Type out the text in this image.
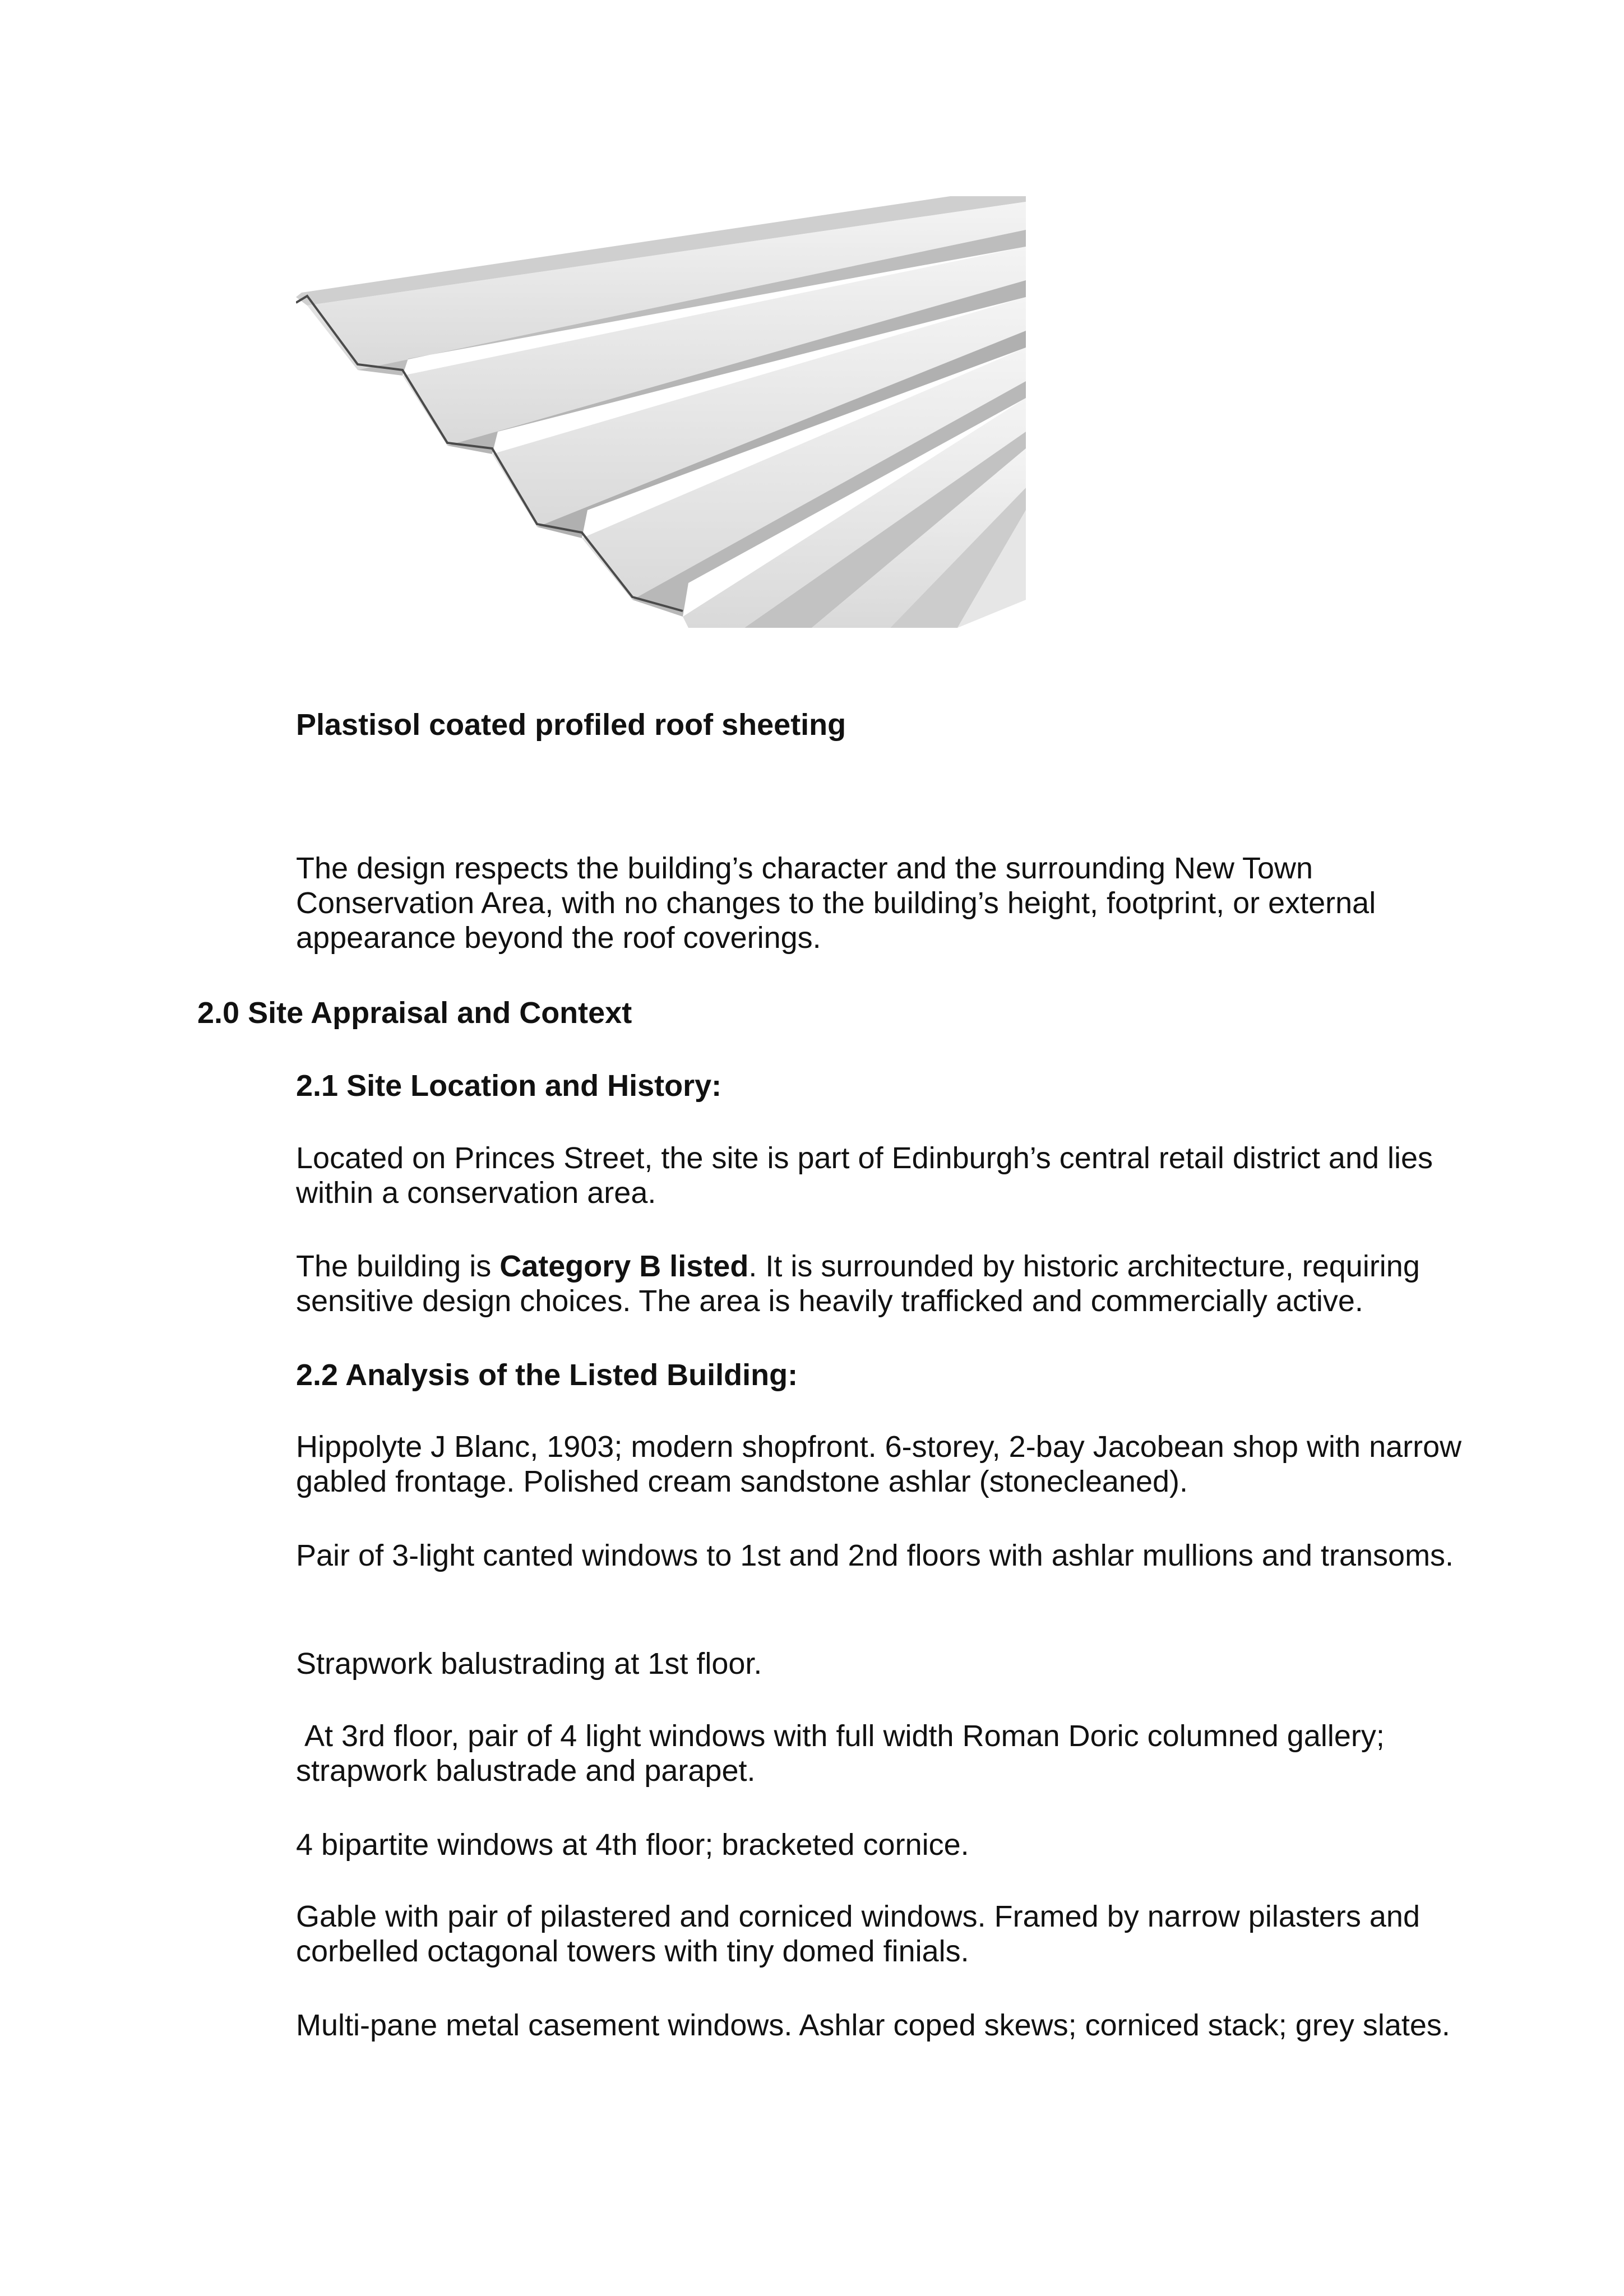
Plastisol coated profiled roof sheeting

The design respects the building’s character and the surrounding New Town Conservation Area, with no changes to the building’s height, footprint, or external appearance beyond the roof coverings.

2.0 Site Appraisal and Context
2.1 Site Location and History:

Located on Princes Street, the site is part of Edinburgh’s central retail district and lies within a conservation area.

The building is Category B listed. It is surrounded by historic architecture, requiring sensitive design choices. The area is heavily trafficked and commercially active.

2.2 Analysis of the Listed Building:

Hippolyte J Blanc, 1903; modern shopfront. 6-storey, 2-bay Jacobean shop with narrow gabled frontage. Polished cream sandstone ashlar (stonecleaned).

Pair of 3-light canted windows to 1st and 2nd floors with ashlar mullions and transoms.

Strapwork balustrading at 1st floor.

At 3rd floor, pair of 4 light windows with full width Roman Doric columned gallery; strapwork balustrade and parapet.

4 bipartite windows at 4th floor; bracketed cornice.

Gable with pair of pilastered and corniced windows. Framed by narrow pilasters and corbelled octagonal towers with tiny domed finials.

Multi-pane metal casement windows. Ashlar coped skews; corniced stack; grey slates.
